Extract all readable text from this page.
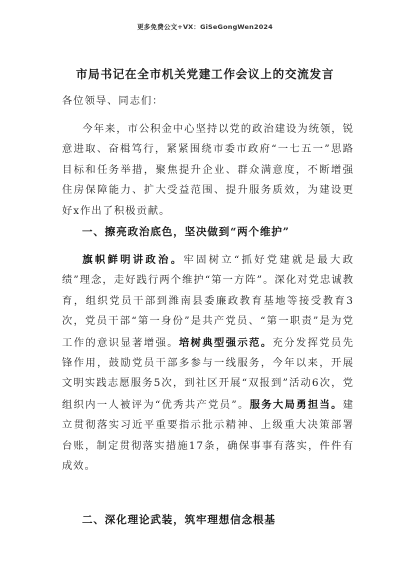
更多免费公文+VX：GiSeGongWen2024
市局书记在全市机关党建工作会议上的交流发言
各位领导、同志们：
今年来，市公积金中心坚持以党的政治建设为统领，锐意进取、奋楫笃行，紧紧围绕市委市政府“一七五一”思路目标和任务举措，聚焦提升企业、群众满意度，不断增强住房保障能力、扩大受益范围、提升服务质效，为建设更好x作出了积极贡献。
一、擦亮政治底色，坚决做到“两个维护”
旗帜鲜明讲政治。牢固树立“抓好党建就是最大政绩”理念，走好践行两个维护“第一方阵”。深化对党忠诚教育，组织党员干部到潍南县委廉政教育基地等接受教育3次，党员干部“第一身份”是共产党员、“第一职责”是为党工作的意识显著增强。培树典型强示范。充分发挥党员先锋作用，鼓励党员干部多参与一线服务，今年以来，开展文明实践志愿服务5次，到社区开展“双报到”活动6次，党组织内一人被评为“优秀共产党员”。服务大局勇担当。建立贯彻落实习近平重要指示批示精神、上级重大决策部署台账，制定贯彻落实措施17条，确保事事有落实，件件有成效。
二、深化理论武装，筑牢理想信念根基
